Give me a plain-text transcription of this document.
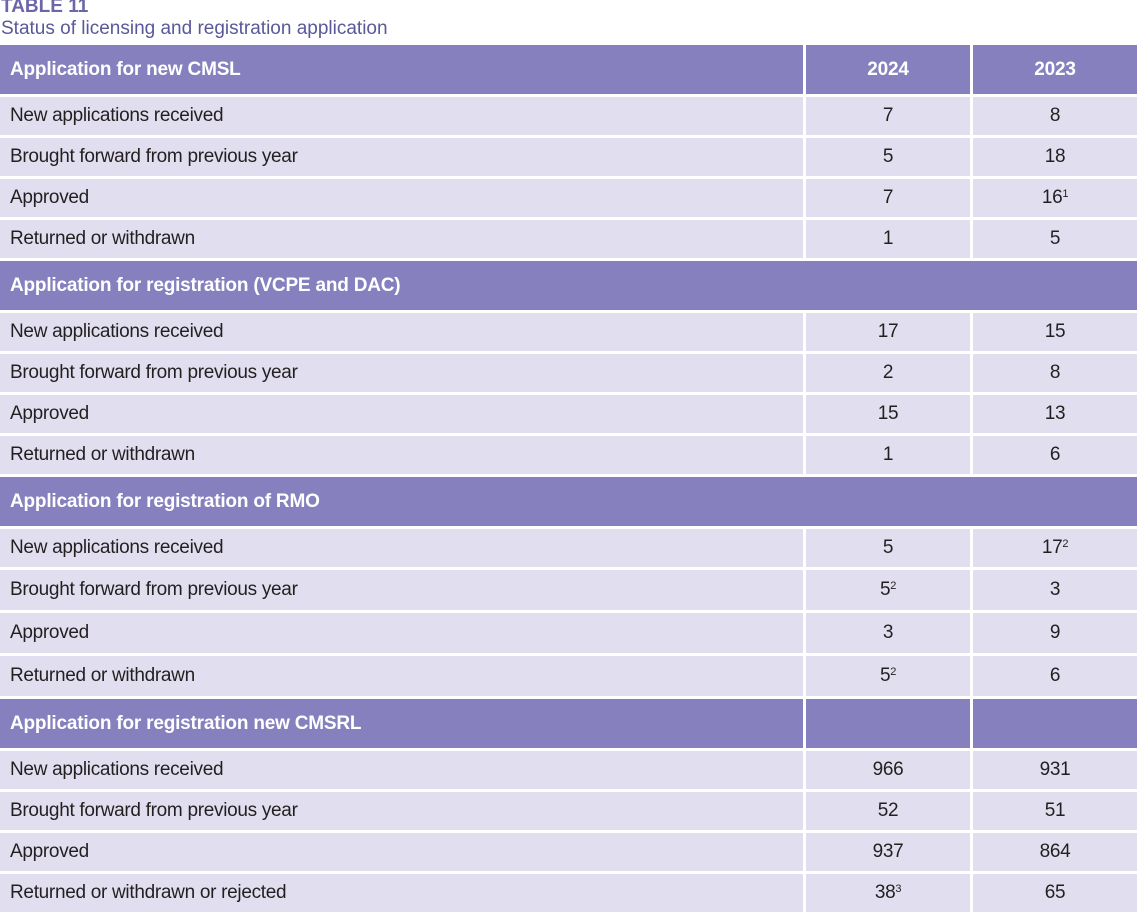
TABLE 11
Status of licensing and registration application
Application for new CMSL	2024	2023
New applications received	7	8
Brought forward from previous year	5	18
Approved	7	$16^1$
Returned or withdrawn	1	5
Application for registration (VCPE and DAC)		
New applications received	17	15
Brought forward from previous year	2	8
Approved	15	13
Returned or withdrawn	1	6
Application for registration of RMO		
New applications received	5	$17^2$
Brought forward from previous year	$5^2$	3
Approved	3	9
Returned or withdrawn	$5^2$	6
Application for registration new CMSRL		
New applications received	966	931
Brought forward from previous year	52	51
Approved	937	864
Returned or withdrawn or rejected	$38^3$	65
